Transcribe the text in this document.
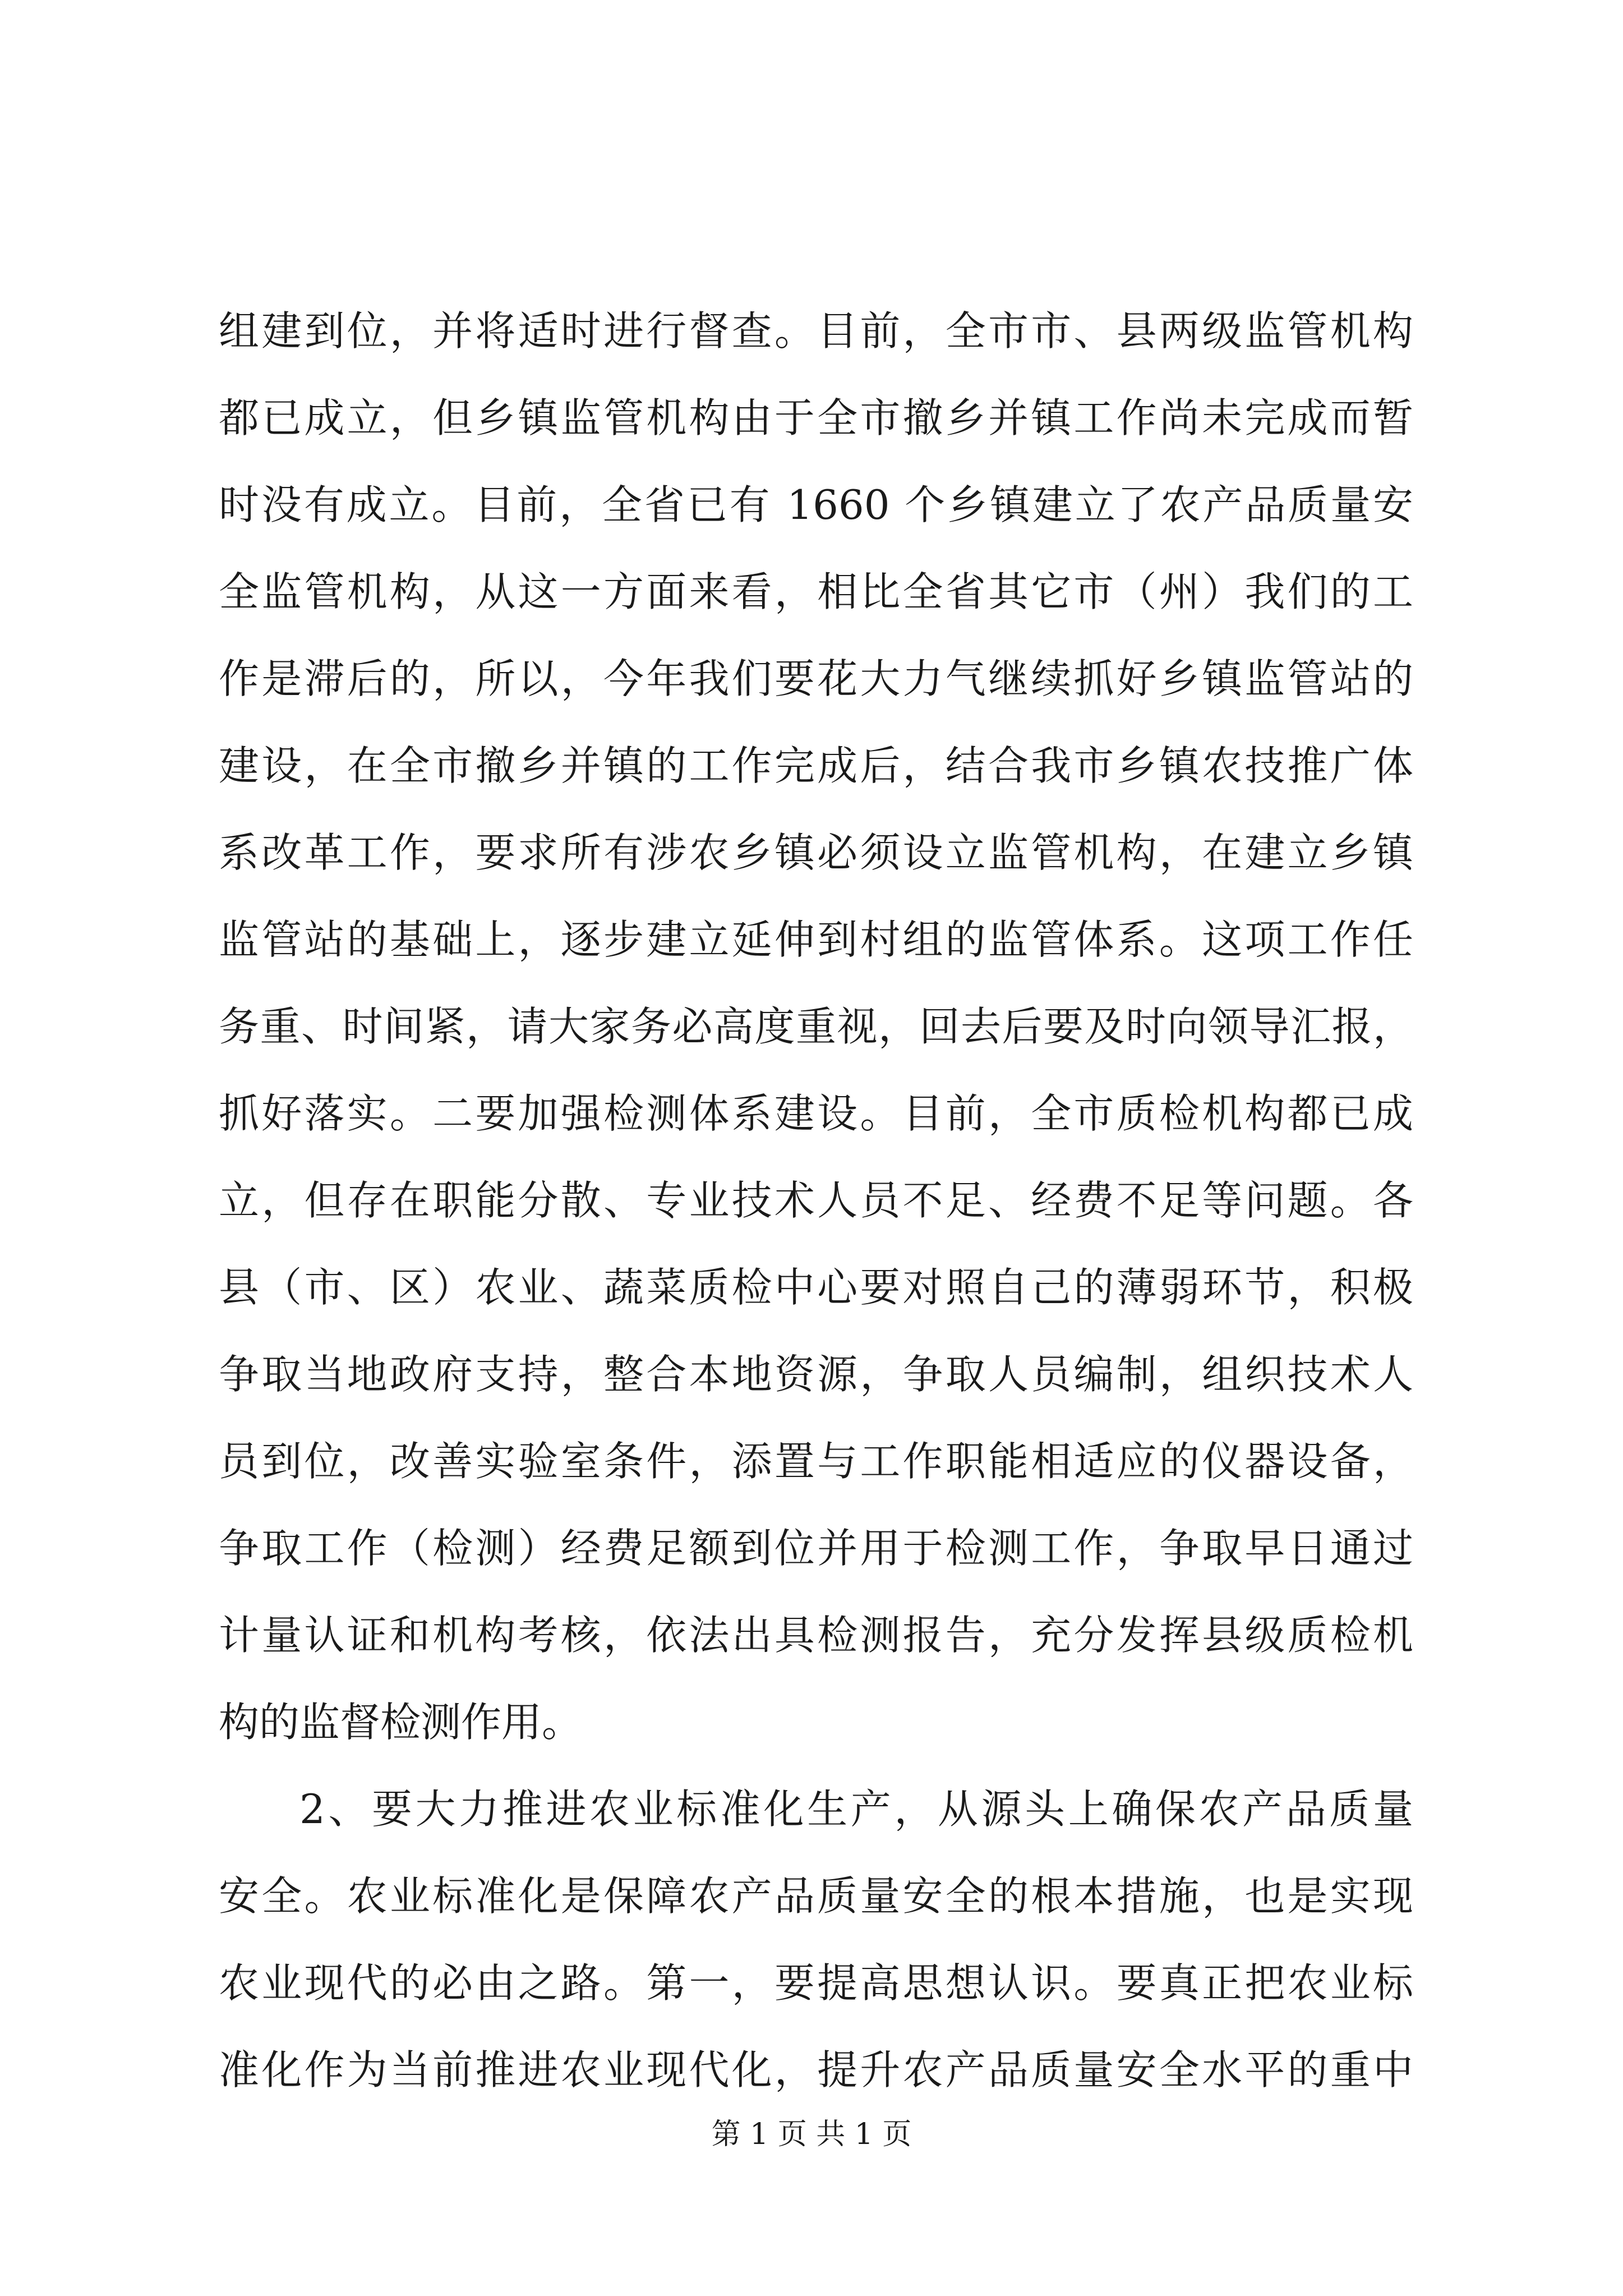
组建到位，并将适时进行督查。目前，全市市、县两级监管机构
都已成立，但乡镇监管机构由于全市撤乡并镇工作尚未完成而暂
时没有成立。目前，全省已有 1660 个乡镇建立了农产品质量安
全监管机构，从这一方面来看，相比全省其它市（州）我们的工
作是滞后的，所以，今年我们要花大力气继续抓好乡镇监管站的
建设，在全市撤乡并镇的工作完成后，结合我市乡镇农技推广体
系改革工作，要求所有涉农乡镇必须设立监管机构，在建立乡镇
监管站的基础上，逐步建立延伸到村组的监管体系。这项工作任
务重、时间紧，请大家务必高度重视，回去后要及时向领导汇报，
抓好落实。二要加强检测体系建设。目前，全市质检机构都已成
立，但存在职能分散、专业技术人员不足、经费不足等问题。各
县（市、区）农业、蔬菜质检中心要对照自己的薄弱环节，积极
争取当地政府支持，整合本地资源，争取人员编制，组织技术人
员到位，改善实验室条件，添置与工作职能相适应的仪器设备，
争取工作（检测）经费足额到位并用于检测工作，争取早日通过
计量认证和机构考核，依法出具检测报告，充分发挥县级质检机
构的监督检测作用。
2、要大力推进农业标准化生产，从源头上确保农产品质量
安全。农业标准化是保障农产品质量安全的根本措施，也是实现
农业现代的必由之路。第一，要提高思想认识。要真正把农业标
准化作为当前推进农业现代化，提升农产品质量安全水平的重中
第 1 页 共 1 页
